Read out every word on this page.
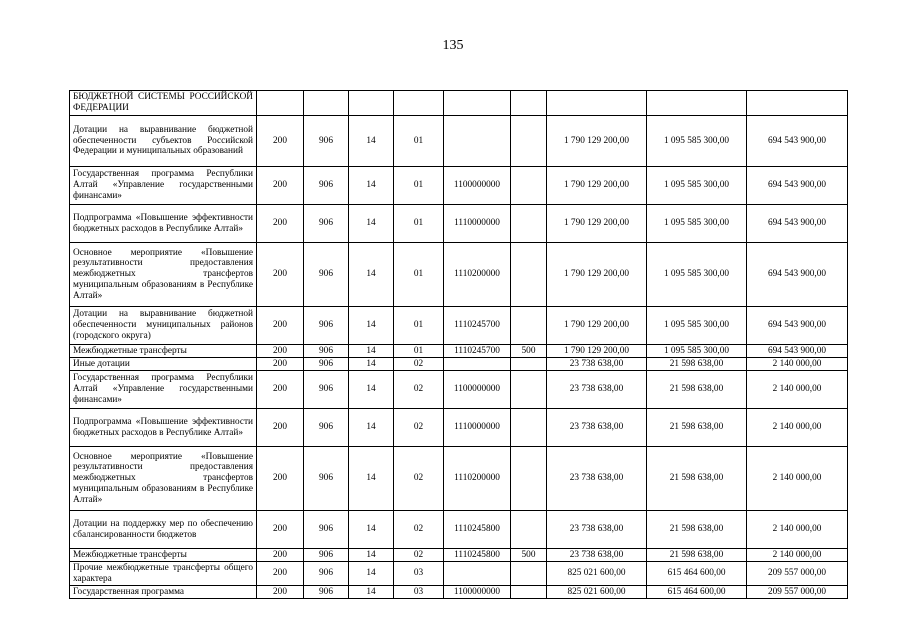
135
БЮДЖЕТНОЙ СИСТЕМЫ РОССИЙСКОЙ ФЕДЕРАЦИИ									
Дотации на выравнивание бюджетной обеспеченности субъектов Российской Федерации и муниципальных образований	200	906	14	01			1 790 129 200,00	1 095 585 300,00	694 543 900,00
Государственная программа Республики Алтай «Управление государственными финансами»	200	906	14	01	1100000000		1 790 129 200,00	1 095 585 300,00	694 543 900,00
Подпрограмма «Повышение эффективности бюджетных расходов в Республике Алтай»	200	906	14	01	1110000000		1 790 129 200,00	1 095 585 300,00	694 543 900,00
Основное мероприятие «Повышение результативности предоставления межбюджетных трансфертов муниципальным образованиям в Республике Алтай»	200	906	14	01	1110200000		1 790 129 200,00	1 095 585 300,00	694 543 900,00
Дотации на выравнивание бюджетной обеспеченности муниципальных районов (городского округа)	200	906	14	01	1110245700		1 790 129 200,00	1 095 585 300,00	694 543 900,00
Межбюджетные трансферты	200	906	14	01	1110245700	500	1 790 129 200,00	1 095 585 300,00	694 543 900,00
Иные дотации	200	906	14	02			23 738 638,00	21 598 638,00	2 140 000,00
Государственная программа Республики Алтай «Управление государственными финансами»	200	906	14	02	1100000000		23 738 638,00	21 598 638,00	2 140 000,00
Подпрограмма «Повышение эффективности бюджетных расходов в Республике Алтай»	200	906	14	02	1110000000		23 738 638,00	21 598 638,00	2 140 000,00
Основное мероприятие «Повышение результативности предоставления межбюджетных трансфертов муниципальным образованиям в Республике Алтай»	200	906	14	02	1110200000		23 738 638,00	21 598 638,00	2 140 000,00
Дотации на поддержку мер по обеспечению сбалансированности бюджетов	200	906	14	02	1110245800		23 738 638,00	21 598 638,00	2 140 000,00
Межбюджетные трансферты	200	906	14	02	1110245800	500	23 738 638,00	21 598 638,00	2 140 000,00
Прочие межбюджетные трансферты общего характера	200	906	14	03			825 021 600,00	615 464 600,00	209 557 000,00
Государственная программа	200	906	14	03	1100000000		825 021 600,00	615 464 600,00	209 557 000,00
